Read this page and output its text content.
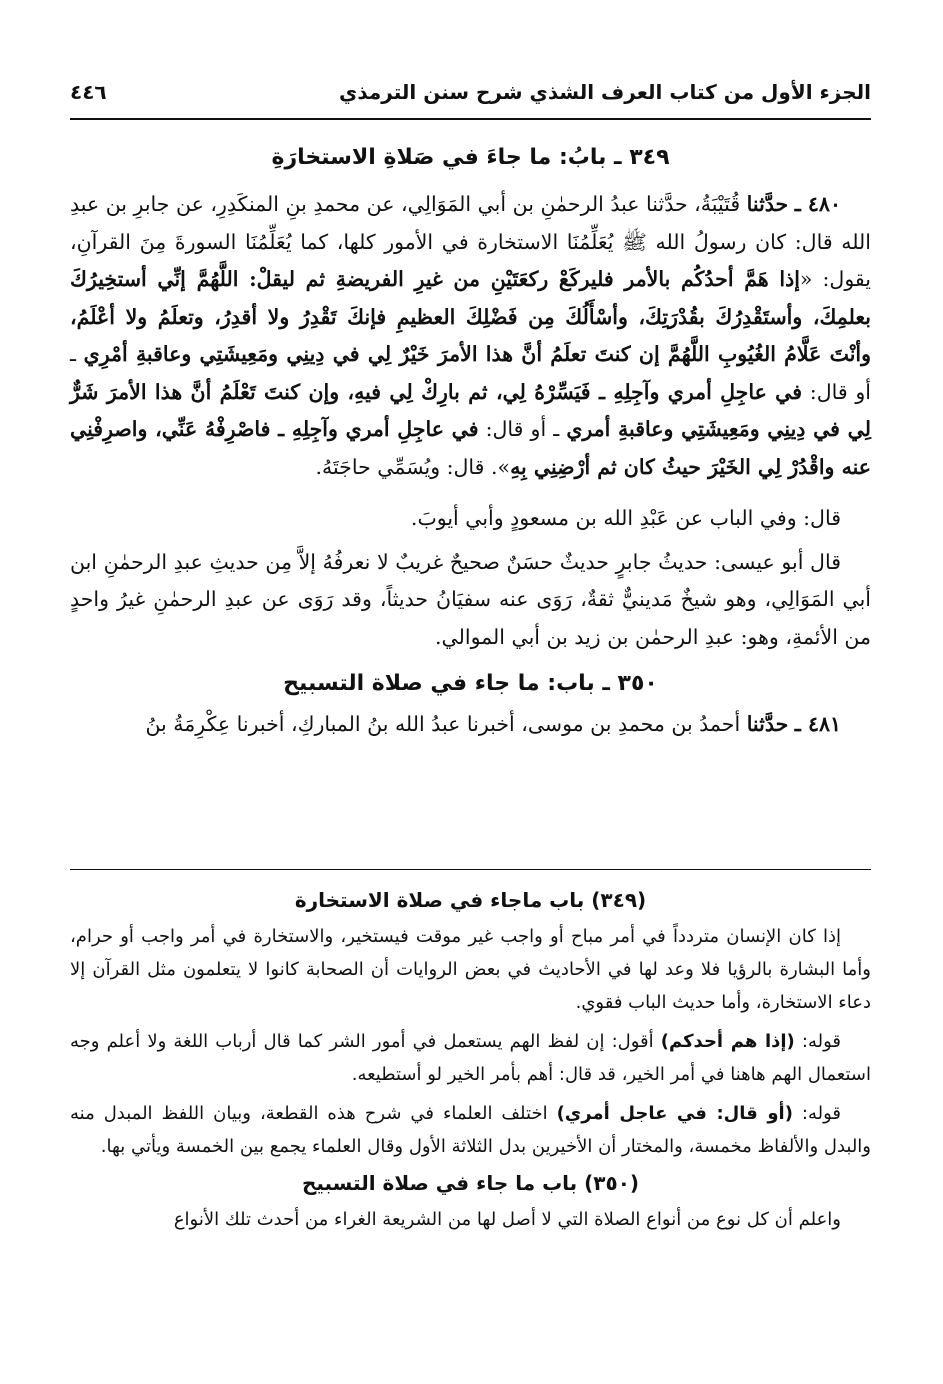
الجزء الأول من كتاب العرف الشذي شرح سنن الترمذي
٤٤٦
٣٤٩ ـ بابُ: ما جاءَ في صَلاةِ الاستخارَةِ

٤٨٠ ـ حدَّثنا قُتَيْبَةُ، حدَّثنا عبدُ الرحمٰنِ بن أبي المَوَالِي، عن محمدِ بنِ المنكَدِرِ، عن جابرِ بن عبدِ الله قال: كان رسولُ الله ﷺ يُعَلِّمُنَا الاستخارة في الأمور كلها، كما يُعَلِّمُنَا السورةَ مِنَ القرآنِ، يقول: «إذا هَمَّ أحدُكُم بالأمر فليركَعْ ركعَتَيْنِ من غيرِ الفريضةِ ثم ليقلْ: اللَّهُمَّ إنِّي أستخِيرُكَ بعلمِكَ، وأستَقْدِرُكَ بقُدْرَتِكَ، وأسْأَلُكَ مِن فَضْلِكَ العظيمِ فإنكَ تَقْدِرُ ولا أقدِرُ، وتعلَمُ ولا أعْلَمُ، وأنْتَ عَلَّامُ الغُيُوبِ اللَّهُمَّ إن كنتَ تعلَمُ أنَّ هذا الأمرَ خَيْرٌ لِي في دِينِي ومَعِيشَتِي وعاقبةِ أمْرِي ـ أو قال: في عاجِلِ أمري وآجِلِهِ ـ فَيَسِّرْهُ لِي، ثم بارِكْ لِي فيهِ، وإن كنتَ تَعْلَمُ أنَّ هذا الأمرَ شَرٌّ لِي في دِينِي ومَعِيشَتِي وعاقبةِ أمري ـ أو قال: في عاجِلِ أمري وآجِلِهِ ـ فاصْرِفْهُ عَنِّي، واصرِفْنِي عنه واقْدُرْ لِي الخَيْرَ حيثُ كان ثم أرْضِنِي بِهِ». قال: ويُسَمِّي حاجَتَهُ.

قال: وفي الباب عن عَبْدِ الله بن مسعودٍ وأبي أيوبَ.

قال أبو عيسى: حديثُ جابرٍ حديثٌ حسَنٌ صحيحٌ غريبٌ لا نعرفُهُ إلاَّ مِن حديثِ عبدِ الرحمٰنِ ابن أبي المَوَالِي، وهو شيخٌ مَدينيٌّ ثقةٌ، رَوَى عنه سفيَانُ حديثاً، وقد رَوَى عن عبدِ الرحمٰنِ غيرُ واحدٍ من الأئمةِ، وهو: عبدِ الرحمٰن بن زيد بن أبي الموالي.

٣٥٠ ـ باب: ما جاء في صلاة التسبيح

٤٨١ ـ حدَّثنا أحمدُ بن محمدِ بن موسى، أخبرنا عبدُ الله بنُ المباركِ، أخبرنا عِكْرِمَةُ بنُ

(٣٤٩) باب ماجاء في صلاة الاستخارة

إذا كان الإنسان متردداً في أمر مباح أو واجب غير موقت فيستخير، والاستخارة في أمر واجب أو حرام، وأما البشارة بالرؤيا فلا وعد لها في الأحاديث في بعض الروايات أن الصحابة كانوا لا يتعلمون مثل القرآن إلا دعاء الاستخارة، وأما حديث الباب فقوي.

قوله: (إذا هم أحدكم) أقول: إن لفظ الهم يستعمل في أمور الشر كما قال أرباب اللغة ولا أعلم وجه استعمال الهم هاهنا في أمر الخير، قد قال: أهم بأمر الخير لو أستطيعه.

قوله: (أو قال: في عاجل أمري) اختلف العلماء في شرح هذه القطعة، وبيان اللفظ المبدل منه والبدل والألفاظ مخمسة، والمختار أن الأخيرين بدل الثلاثة الأول وقال العلماء يجمع بين الخمسة ويأتي بها.

(٣٥٠) باب ما جاء في صلاة التسبيح

واعلم أن كل نوع من أنواع الصلاة التي لا أصل لها من الشريعة الغراء من أحدث تلك الأنواع
